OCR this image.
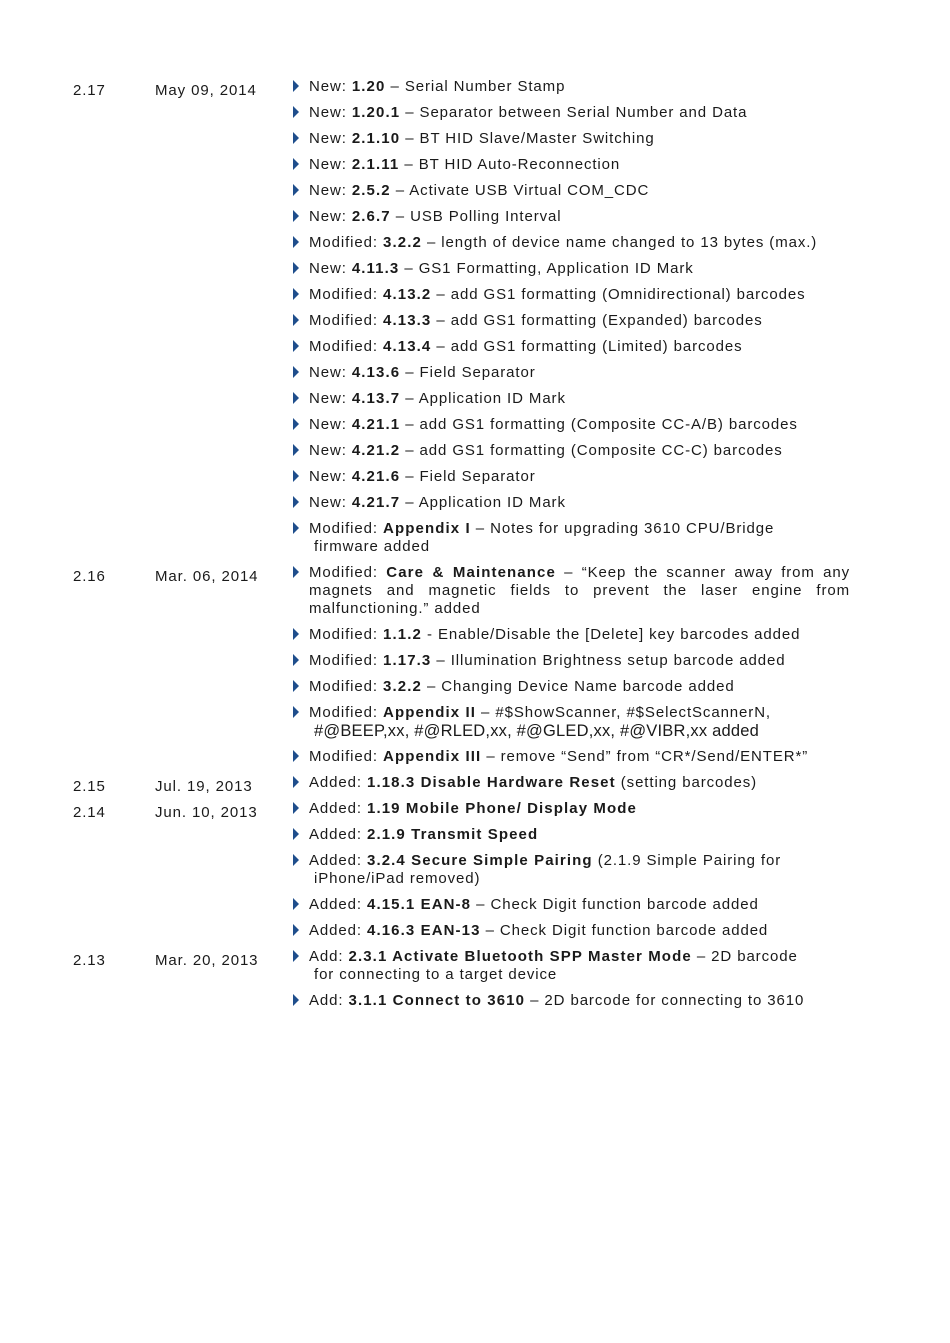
2.17	May 09, 2014	New: 1.20 – Serial Number Stamp
New: 1.20.1 – Separator between Serial Number and Data
New: 2.1.10 – BT HID Slave/Master Switching
New: 2.1.11 – BT HID Auto-Reconnection
New: 2.5.2 – Activate USB Virtual COM_CDC
New: 2.6.7 – USB Polling Interval
Modified: 3.2.2 – length of device name changed to 13 bytes (max.)
New: 4.11.3 – GS1 Formatting, Application ID Mark
Modified: 4.13.2 – add GS1 formatting (Omnidirectional) barcodes
Modified: 4.13.3 – add GS1 formatting (Expanded) barcodes
Modified: 4.13.4 – add GS1 formatting (Limited) barcodes
New: 4.13.6 – Field Separator
New: 4.13.7 – Application ID Mark
New: 4.21.1 – add GS1 formatting (Composite CC-A/B) barcodes
New: 4.21.2 – add GS1 formatting (Composite CC-C) barcodes
New: 4.21.6 – Field Separator
New: 4.21.7 – Application ID Mark
Modified: Appendix I – Notes for upgrading 3610 CPU/Bridge
firmware added
2.16	Mar. 06, 2014	Modified: Care & Maintenance – “Keep the scanner away from any magnets and magnetic fields to prevent the laser engine from malfunctioning.” added
Modified: 1.1.2 - Enable/Disable the [Delete] key barcodes added
Modified: 1.17.3 – Illumination Brightness setup barcode added
Modified: 3.2.2 – Changing Device Name barcode added
Modified: Appendix II – #$ShowScanner, #$SelectScannerN,
#@BEEP,xx, #@RLED,xx, #@GLED,xx, #@VIBR,xx added
Modified: Appendix III – remove “Send” from “CR*/Send/ENTER*”
2.15	Jul. 19, 2013	Added: 1.18.3 Disable Hardware Reset (setting barcodes)
2.14	Jun. 10, 2013	Added: 1.19 Mobile Phone/ Display Mode
Added: 2.1.9 Transmit Speed
Added: 3.2.4 Secure Simple Pairing (2.1.9 Simple Pairing for
iPhone/iPad removed)
Added: 4.15.1 EAN-8 – Check Digit function barcode added
Added: 4.16.3 EAN-13 – Check Digit function barcode added
2.13	Mar. 20, 2013	Add: 2.3.1 Activate Bluetooth SPP Master Mode – 2D barcode
for connecting to a target device
Add: 3.1.1 Connect to 3610 – 2D barcode for connecting to 3610
